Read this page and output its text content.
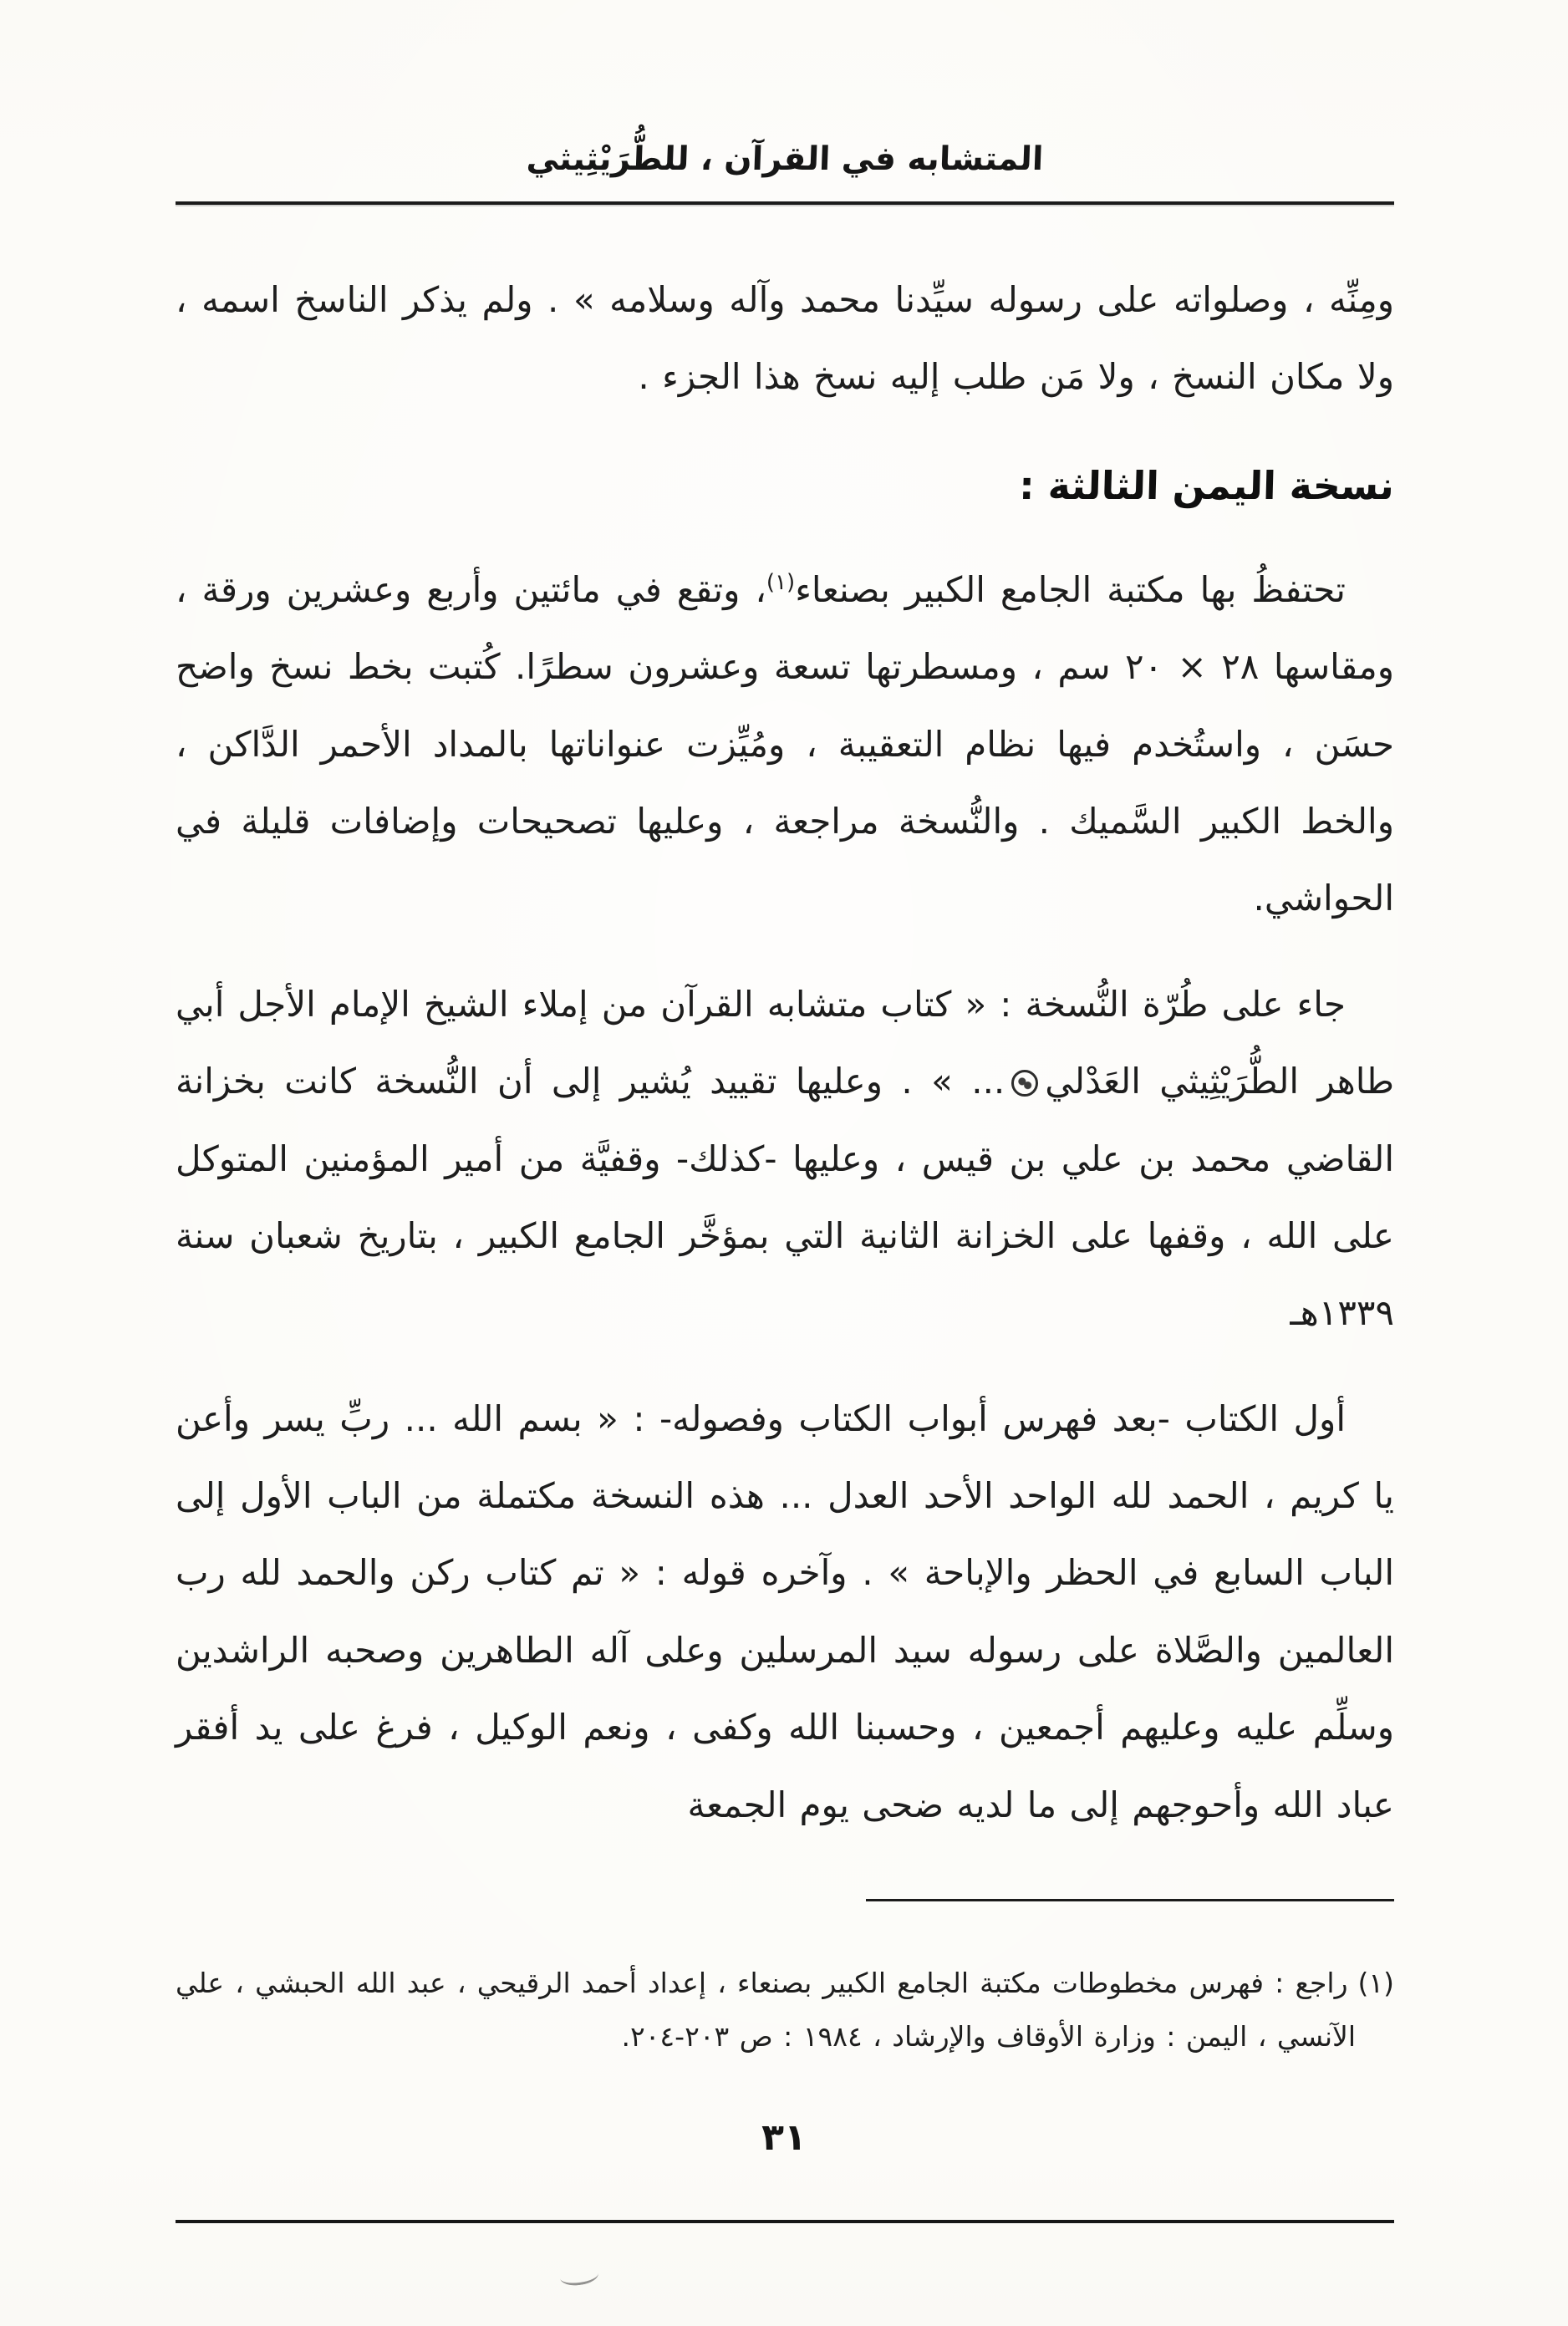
المتشابه في القرآن ، للطُّرَيْثِيثي

ومِنِّه ، وصلواته على رسوله سيِّدنا محمد وآله وسلامه » . ولم يذكر الناسخ اسمه ، ولا مكان النسخ ، ولا مَن طلب إليه نسخ هذا الجزء .

نسخة اليمن الثالثة :

تحتفظُ بها مكتبة الجامع الكبير بصنعاء$^{(١)}$، وتقع في مائتين وأربع وعشرين ورقة ، ومقاسها ٢٨ × ٢٠ سم ، ومسطرتها تسعة وعشرون سطرًا. كُتبت بخط نسخ واضح حسَن ، واستُخدم فيها نظام التعقيبة ، ومُيِّزت عنواناتها بالمداد الأحمر الدَّاكن ، والخط الكبير السَّميك . والنُّسخة مراجعة ، وعليها تصحيحات وإضافات قليلة في الحواشي.

جاء على طُرّة النُّسخة : « كتاب متشابه القرآن من إملاء الشيخ الإمام الأجل أبي طاهر الطُّرَيْثِيثي العَدْلي... » . وعليها تقييد يُشير إلى أن النُّسخة كانت بخزانة القاضي محمد بن علي بن قيس ، وعليها -كذلك- وقفيَّة من أمير المؤمنين المتوكل على الله ، وقفها على الخزانة الثانية التي بمؤخَّر الجامع الكبير ، بتاريخ شعبان سنة ١٣٣٩هـ

أول الكتاب -بعد فهرس أبواب الكتاب وفصوله- : « بسم الله ... ربِّ يسر وأعن يا كريم ، الحمد لله الواحد الأحد العدل ... هذه النسخة مكتملة من الباب الأول إلى الباب السابع في الحظر والإباحة » . وآخره قوله : « تم كتاب ركن والحمد لله رب العالمين والصَّلاة على رسوله سيد المرسلين وعلى آله الطاهرين وصحبه الراشدين وسلِّم عليه وعليهم أجمعين ، وحسبنا الله وكفى ، ونعم الوكيل ، فرغ على يد أفقر عباد الله وأحوجهم إلى ما لديه ضحى يوم الجمعة

(١)راجع : فهرس مخطوطات مكتبة الجامع الكبير بصنعاء ، إعداد أحمد الرقيحي ، عبد الله الحبشي ، علي الآنسي ، اليمن : وزارة الأوقاف والإرشاد ، ١٩٨٤ : ص ٢٠٣-٢٠٤.

٣١
